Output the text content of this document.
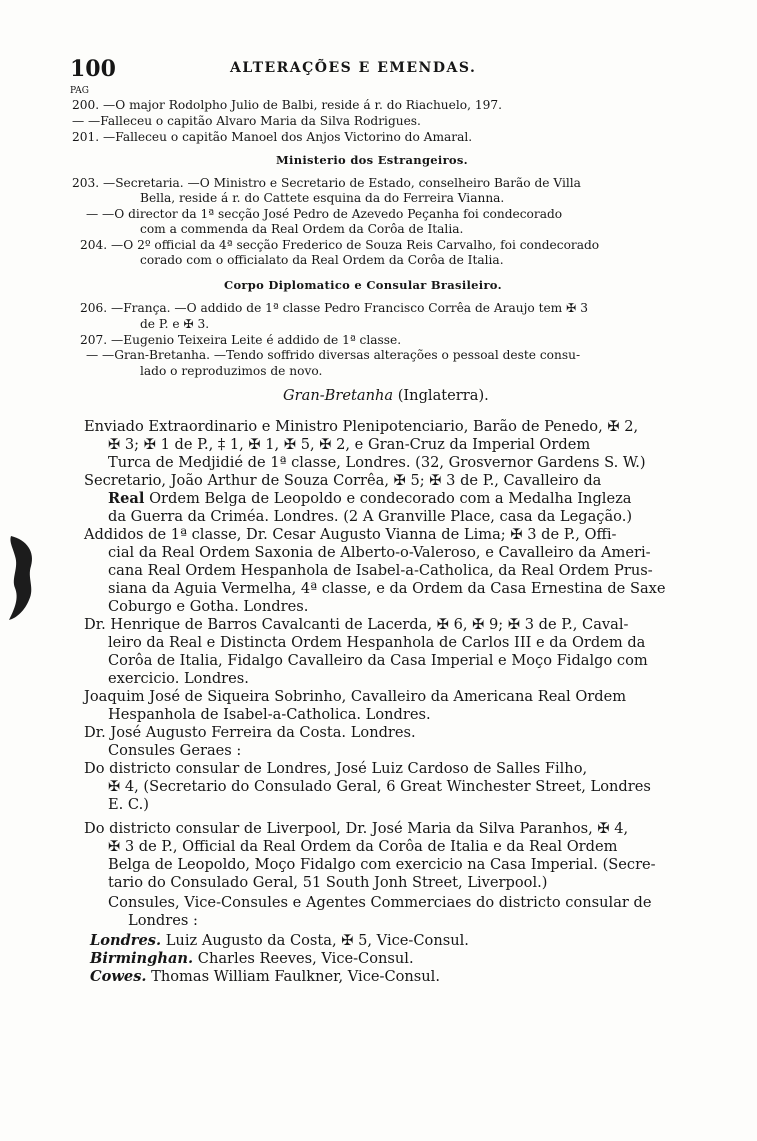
100	ALTERAÇÕES E EMENDAS.
PAG
200. —O major Rodolpho Julio de Balbi, reside á r. do Riachuelo, 197.
— —Falleceu o capitão Alvaro Maria da Silva Rodrigues.
201. —Falleceu o capitão Manoel dos Anjos Victorino do Amaral.
Ministerio dos Estrangeiros.
203. —Secretaria. —O Ministro e Secretario de Estado, conselheiro Barão de Villa
Bella, reside á r. do Cattete esquina da do Ferreira Vianna.
— —O director da 1ª secção José Pedro de Azevedo Peçanha foi condecorado
com a commenda da Real Ordem da Corôa de Italia.
204. —O 2º official da 4ª secção Frederico de Souza Reis Carvalho, foi condecorado
corado com o officialato da Real Ordem da Corôa de Italia.
Corpo Diplomatico e Consular Brasileiro.
206. —França. —O addido de 1ª classe Pedro Francisco Corrêa de Araujo tem ✠ 3
de P. e ✠ 3.
207. —Eugenio Teixeira Leite é addido de 1ª classe.
— —Gran-Bretanha. —Tendo soffrido diversas alterações o pessoal deste consu-
lado o reproduzimos de novo.
Gran-Bretanha (Inglaterra).
Enviado Extraordinario e Ministro Plenipotenciario, Barão de Penedo, ✠ 2,
✠ 3; ✠ 1 de P., ‡ 1, ✠ 1, ✠ 5, ✠ 2, e Gran-Cruz da Imperial Ordem
Turca de Medjidié de 1ª classe, Londres. (32, Grosvernor Gardens S. W.)
Secretario, João Arthur de Souza Corrêa, ✠ 5; ✠ 3 de P., Cavalleiro da
Real Ordem Belga de Leopoldo e condecorado com a Medalha Ingleza
da Guerra da Criméa. Londres. (2 A Granville Place, casa da Legação.)
Addidos de 1ª classe, Dr. Cesar Augusto Vianna de Lima; ✠ 3 de P., Offi-
cial da Real Ordem Saxonia de Alberto-o-Valeroso, e Cavalleiro da Ameri-
cana Real Ordem Hespanhola de Isabel-a-Catholica, da Real Ordem Prus-
siana da Aguia Vermelha, 4ª classe, e da Ordem da Casa Ernestina de Saxe
Coburgo e Gotha. Londres.
Dr. Henrique de Barros Cavalcanti de Lacerda, ✠ 6, ✠ 9; ✠ 3 de P., Caval-
leiro da Real e Distincta Ordem Hespanhola de Carlos III e da Ordem da
Corôa de Italia, Fidalgo Cavalleiro da Casa Imperial e Moço Fidalgo com
exercicio. Londres.
Joaquim José de Siqueira Sobrinho, Cavalleiro da Americana Real Ordem
Hespanhola de Isabel-a-Catholica. Londres.
Dr. José Augusto Ferreira da Costa. Londres.
Consules Geraes :
Do districto consular de Londres, José Luiz Cardoso de Salles Filho,
✠ 4, (Secretario do Consulado Geral, 6 Great Winchester Street, Londres
E. C.)
Do districto consular de Liverpool, Dr. José Maria da Silva Paranhos, ✠ 4,
✠ 3 de P., Official da Real Ordem da Corôa de Italia e da Real Ordem
Belga de Leopoldo, Moço Fidalgo com exercicio na Casa Imperial. (Secre-
tario do Consulado Geral, 51 South Jonh Street, Liverpool.)
Consules, Vice-Consules e Agentes Commerciaes do districto consular de
Londres :
Londres. Luiz Augusto da Costa, ✠ 5, Vice-Consul.
Birminghan. Charles Reeves, Vice-Consul.
Cowes. Thomas William Faulkner, Vice-Consul.
